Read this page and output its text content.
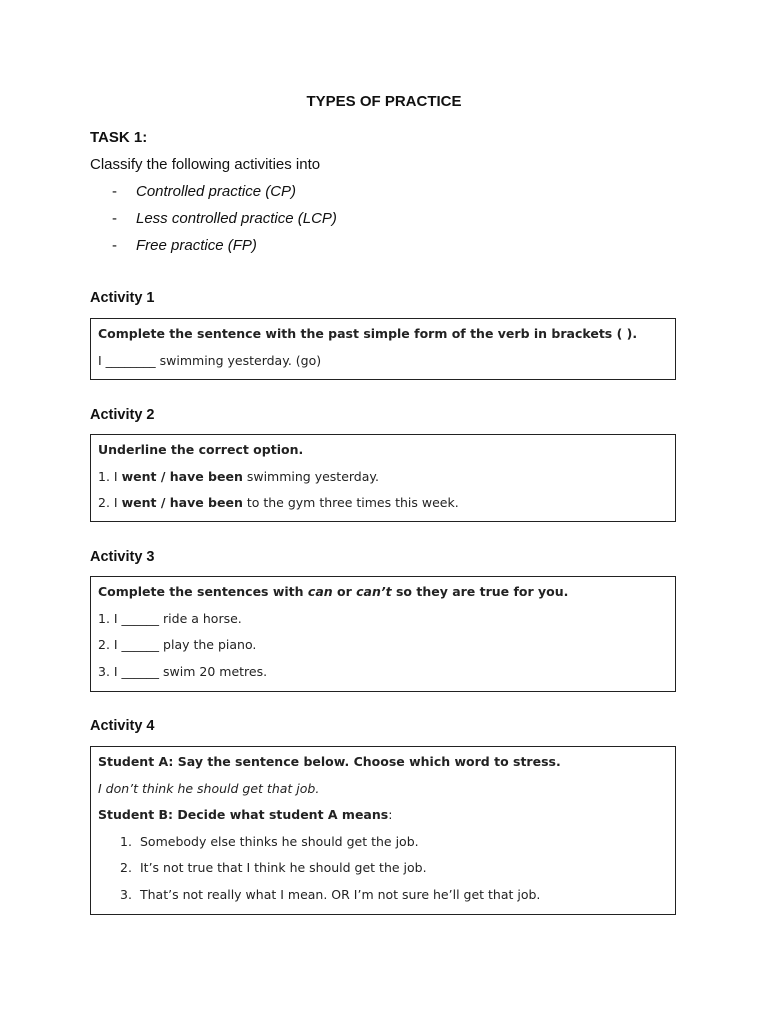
TYPES OF PRACTICE
TASK 1:
Classify the following activities into
-	Controlled practice (CP)
-	Less controlled practice (LCP)
-	Free practice (FP)
Activity 1
Complete the sentence with the past simple form of the verb in brackets ( ).
I ________ swimming yesterday. (go)
Activity 2
Underline the correct option.
1. I went / have been swimming yesterday.
2. I went / have been to the gym three times this week.
Activity 3
Complete the sentences with can or can’t so they are true for you.
1. I ______ ride a horse.
2. I ______ play the piano.
3. I ______ swim 20 metres.
Activity 4
Student A: Say the sentence below. Choose which word to stress.
I don’t think he should get that job.
Student B: Decide what student A means :
1. Somebody else thinks he should get the job.
2. It’s not true that I think he should get the job.
3. That’s not really what I mean. OR I’m not sure he’ll get that job.
